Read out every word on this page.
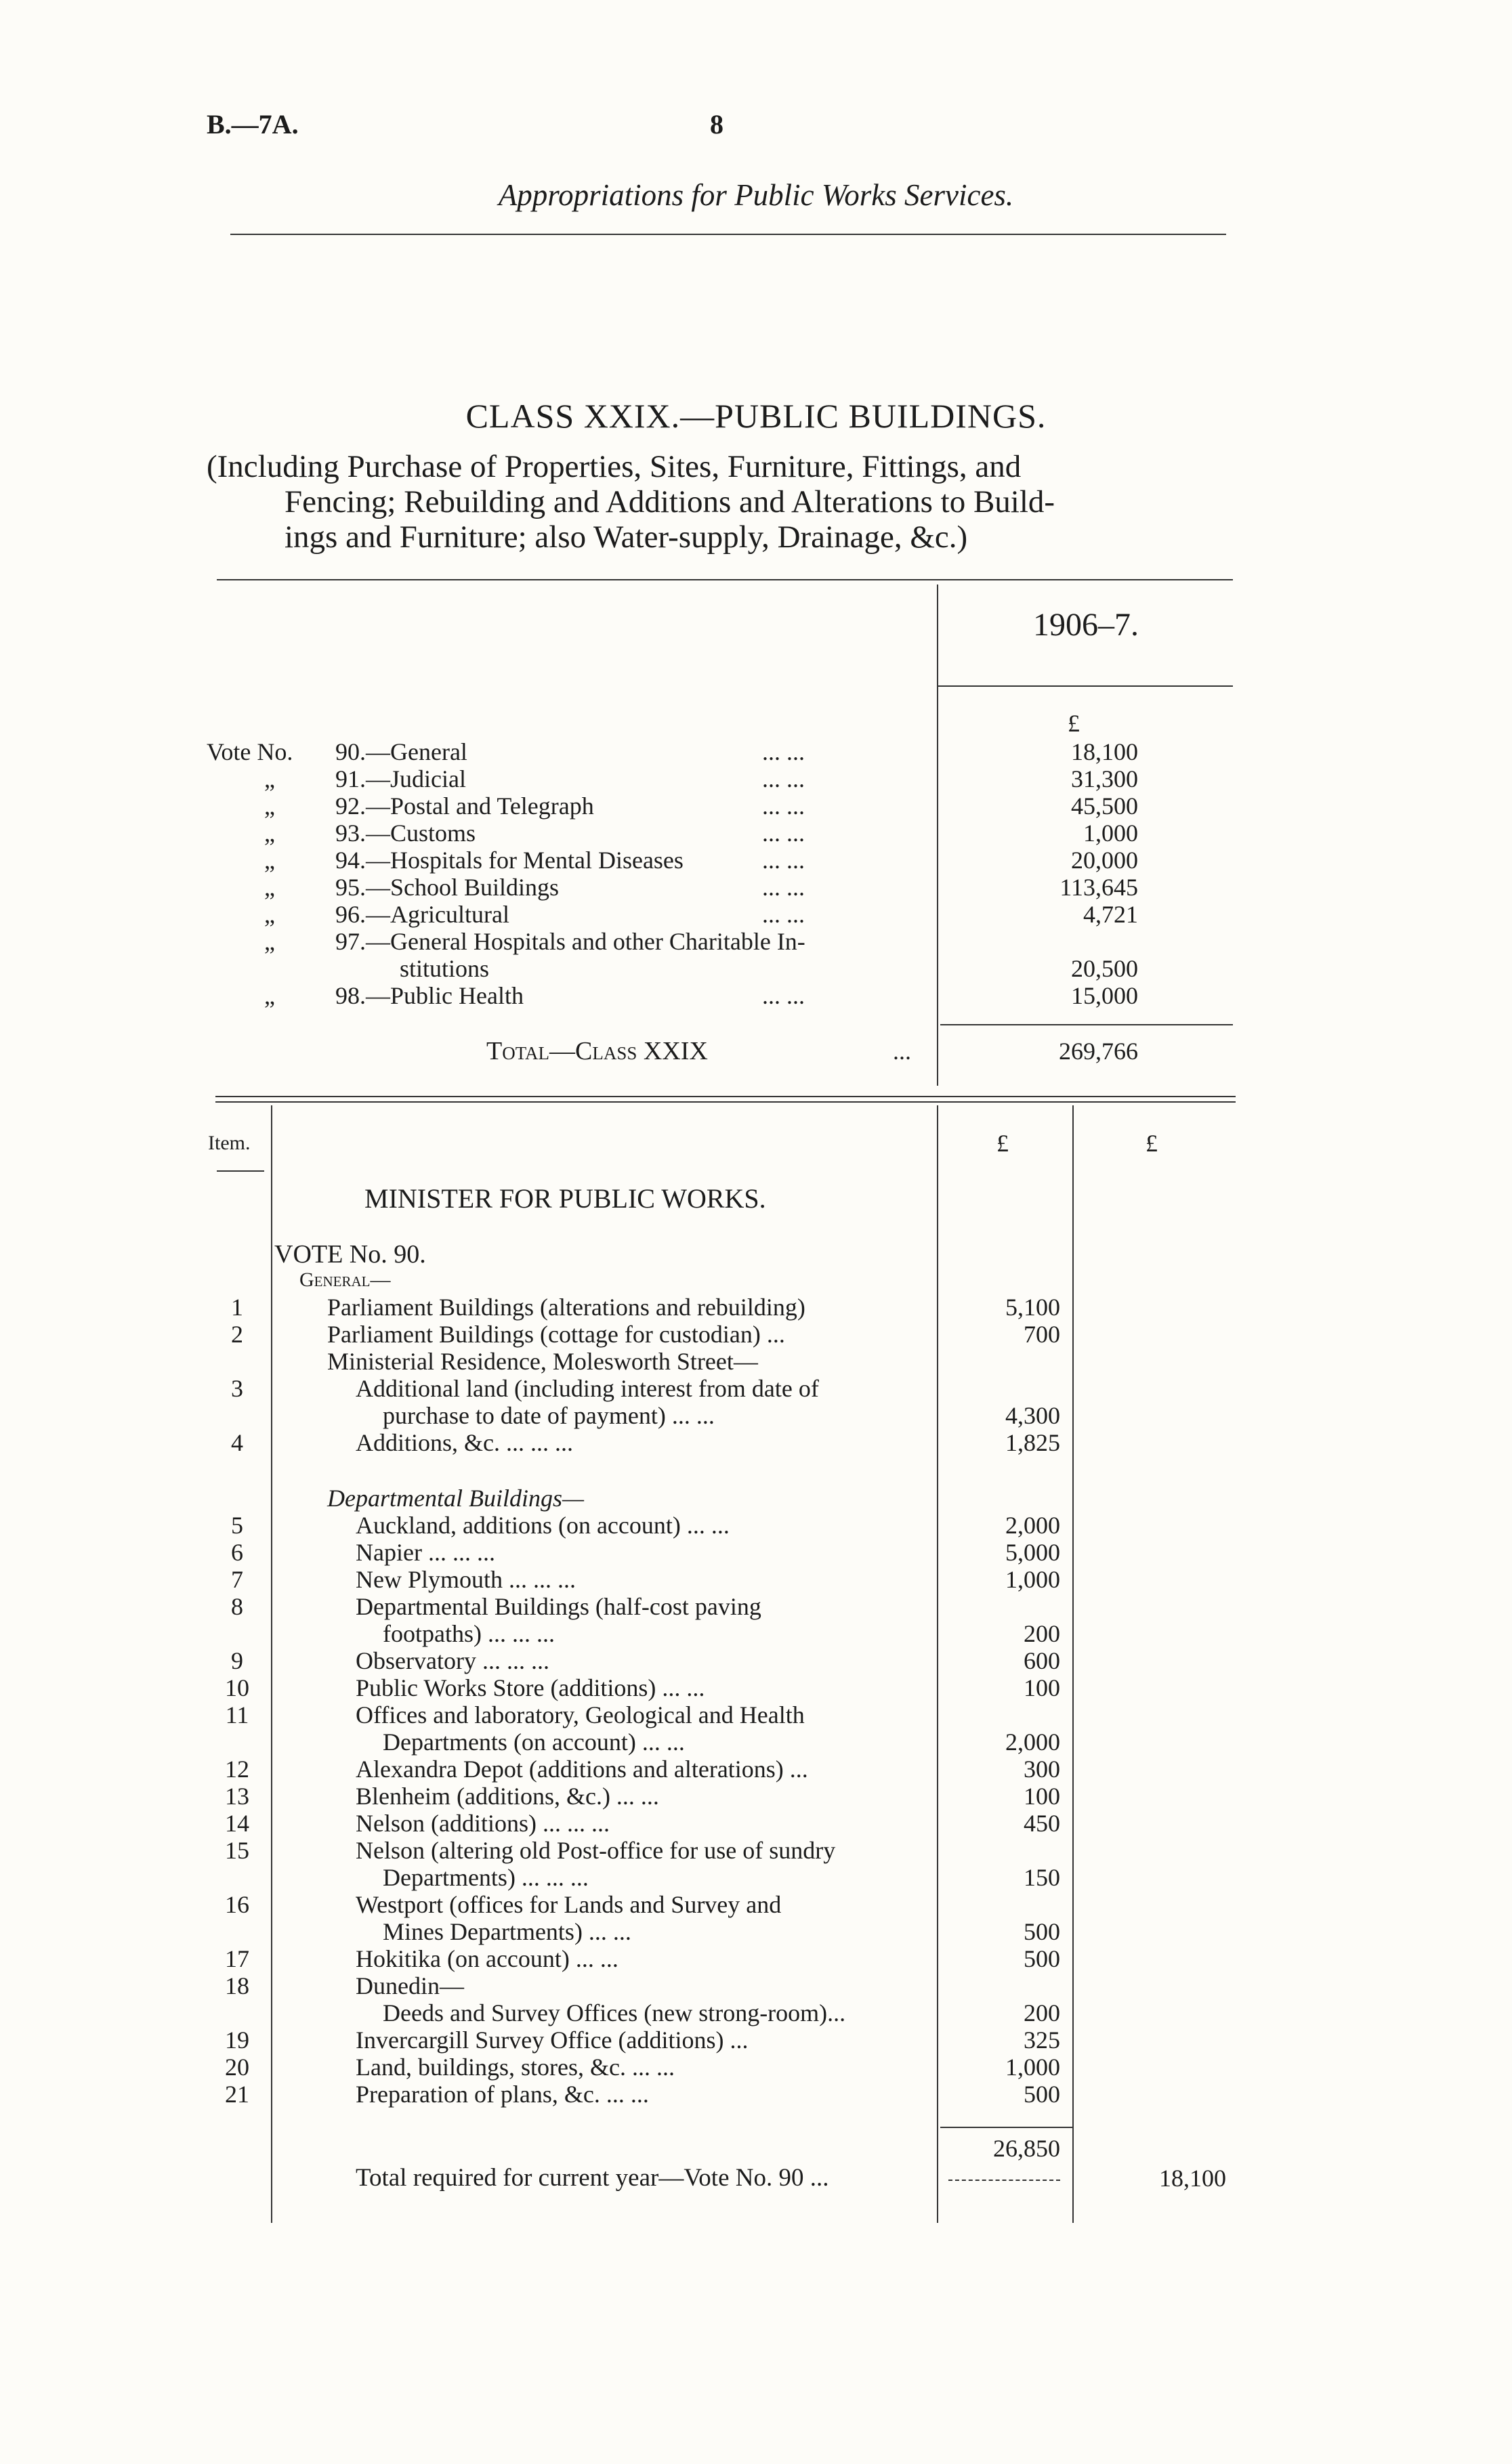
B.—7A.	8
Appropriations for Public Works Services.
CLASS XXIX.—PUBLIC BUILDINGS.
(Including Purchase of Properties, Sites, Furniture, Fittings, and

Fencing; Rebuilding and Additions and Alterations to Build-
ings and Furniture; also Water-supply, Drainage, &c.)
1906–7.
£
Vote No. 90.—General	... ...	18,100
„ 91.—Judicial	... ...	31,300
„ 92.—Postal and Telegraph	... ...	45,500
„ 93.—Customs	... ...	1,000
„ 94.—Hospitals for Mental Diseases	... ...	20,000
„ 95.—School Buildings	... ...	113,645
„ 96.—Agricultural	... ...	4,721
„ 97.—General Hospitals and other Charitable In-
stitutions	20,500
„ 98.—Public Health	... ...	15,000
Total—Class XXIX	...	269,766
Item.	£	£
MINISTER FOR PUBLIC WORKS.
VOTE No. 90.
General—
Departmental Buildings—
1	Parliament Buildings (alterations and rebuilding)	5,100
2	Parliament Buildings (cottage for custodian) ...	700
Ministerial Residence, Molesworth Street—
3	Additional land (including interest from date of
purchase to date of payment) ... ...	4,300
4	Additions, &c. ... ... ...	1,825
5	Auckland, additions (on account) ... ...	2,000
6	Napier ... ... ...	5,000
7	New Plymouth ... ... ...	1,000
8	Departmental Buildings (half-cost paving
footpaths) ... ... ...	200
9	Observatory ... ... ...	600
10	Public Works Store (additions) ... ...	100
11	Offices and laboratory, Geological and Health
Departments (on account) ... ...	2,000
12	Alexandra Depot (additions and alterations) ...	300
13	Blenheim (additions, &c.) ... ...	100
14	Nelson (additions) ... ... ...	450
15	Nelson (altering old Post-office for use of sundry
Departments) ... ... ...	150
16	Westport (offices for Lands and Survey and
Mines Departments) ... ...	500
17	Hokitika (on account) ... ...	500
18	Dunedin—
Deeds and Survey Offices (new strong-room)...	200
19	Invercargill Survey Office (additions) ...	325
20	Land, buildings, stores, &c. ... ...	1,000
21	Preparation of plans, &c. ... ...	500
26,850
Total required for current year—Vote No. 90 ...	18,100
